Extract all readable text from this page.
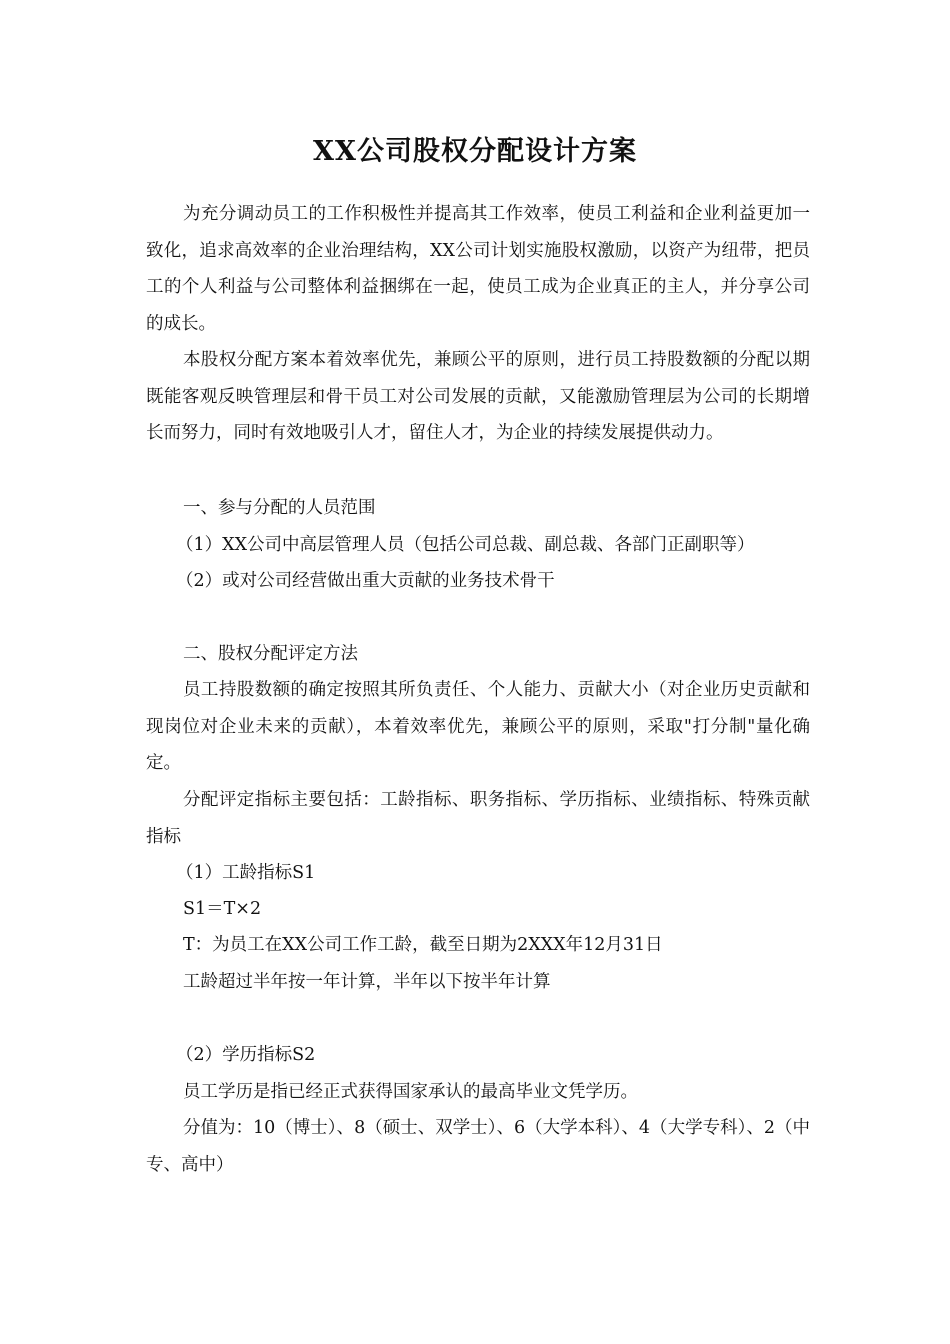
XX公司股权分配设计方案

为充分调动员工的工作积极性并提高其工作效率，使员工利益和企业利益更加一致化，追求高效率的企业治理结构，XX公司计划实施股权激励，以资产为纽带，把员工的个人利益与公司整体利益捆绑在一起，使员工成为企业真正的主人，并分享公司的成长。

本股权分配方案本着效率优先，兼顾公平的原则，进行员工持股数额的分配以期既能客观反映管理层和骨干员工对公司发展的贡献，又能激励管理层为公司的长期增长而努力，同时有效地吸引人才，留住人才，为企业的持续发展提供动力。

一、参与分配的人员范围

（1）XX公司中高层管理人员（包括公司总裁、副总裁、各部门正副职等）

（2）或对公司经营做出重大贡献的业务技术骨干

二、股权分配评定方法

员工持股数额的确定按照其所负责任、个人能力、贡献大小（对企业历史贡献和现岗位对企业未来的贡献），本着效率优先，兼顾公平的原则，采取"打分制"量化确定。

分配评定指标主要包括：工龄指标、职务指标、学历指标、业绩指标、特殊贡献指标

（1）工龄指标S1

S1＝T×2

T：为员工在XX公司工作工龄，截至日期为2XXX年12月31日

工龄超过半年按一年计算，半年以下按半年计算

（2）学历指标S2

员工学历是指已经正式获得国家承认的最高毕业文凭学历。

分值为：10（博士）、8（硕士、双学士）、6（大学本科）、4（大学专科）、2（中专、高中）
